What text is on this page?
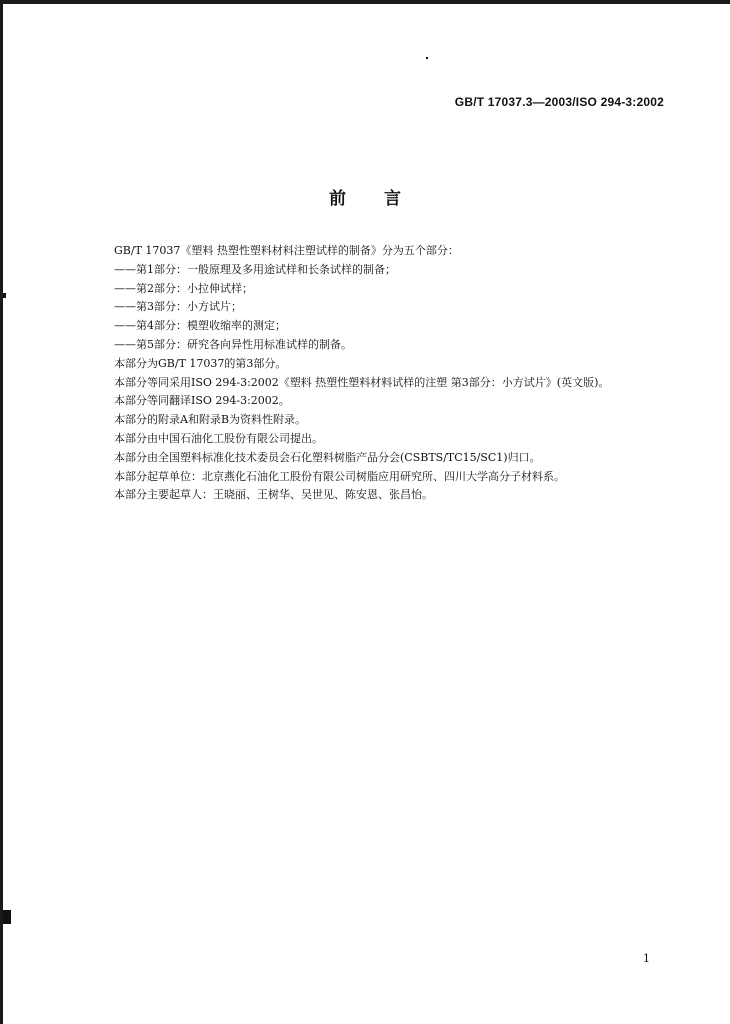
GB/T 17037.3—2003/ISO 294-3:2002
前言

GB/T 17037《塑料 热塑性塑料材料注塑试样的制备》分为五个部分：

——第1部分：一般原理及多用途试样和长条试样的制备；

——第2部分：小拉伸试样；

——第3部分：小方试片；

——第4部分：模塑收缩率的测定；

——第5部分：研究各向异性用标准试样的制备。

本部分为GB/T 17037的第3部分。

本部分等同采用ISO 294-3:2002《塑料 热塑性塑料材料试样的注塑 第3部分：小方试片》(英文版)。

本部分等同翻译ISO 294-3:2002。

本部分的附录A和附录B为资料性附录。

本部分由中国石油化工股份有限公司提出。

本部分由全国塑料标准化技术委员会石化塑料树脂产品分会(CSBTS/TC15/SC1)归口。

本部分起草单位：北京燕化石油化工股份有限公司树脂应用研究所、四川大学高分子材料系。

本部分主要起草人：王晓丽、王树华、吴世见、陈安恩、张昌怡。

1
